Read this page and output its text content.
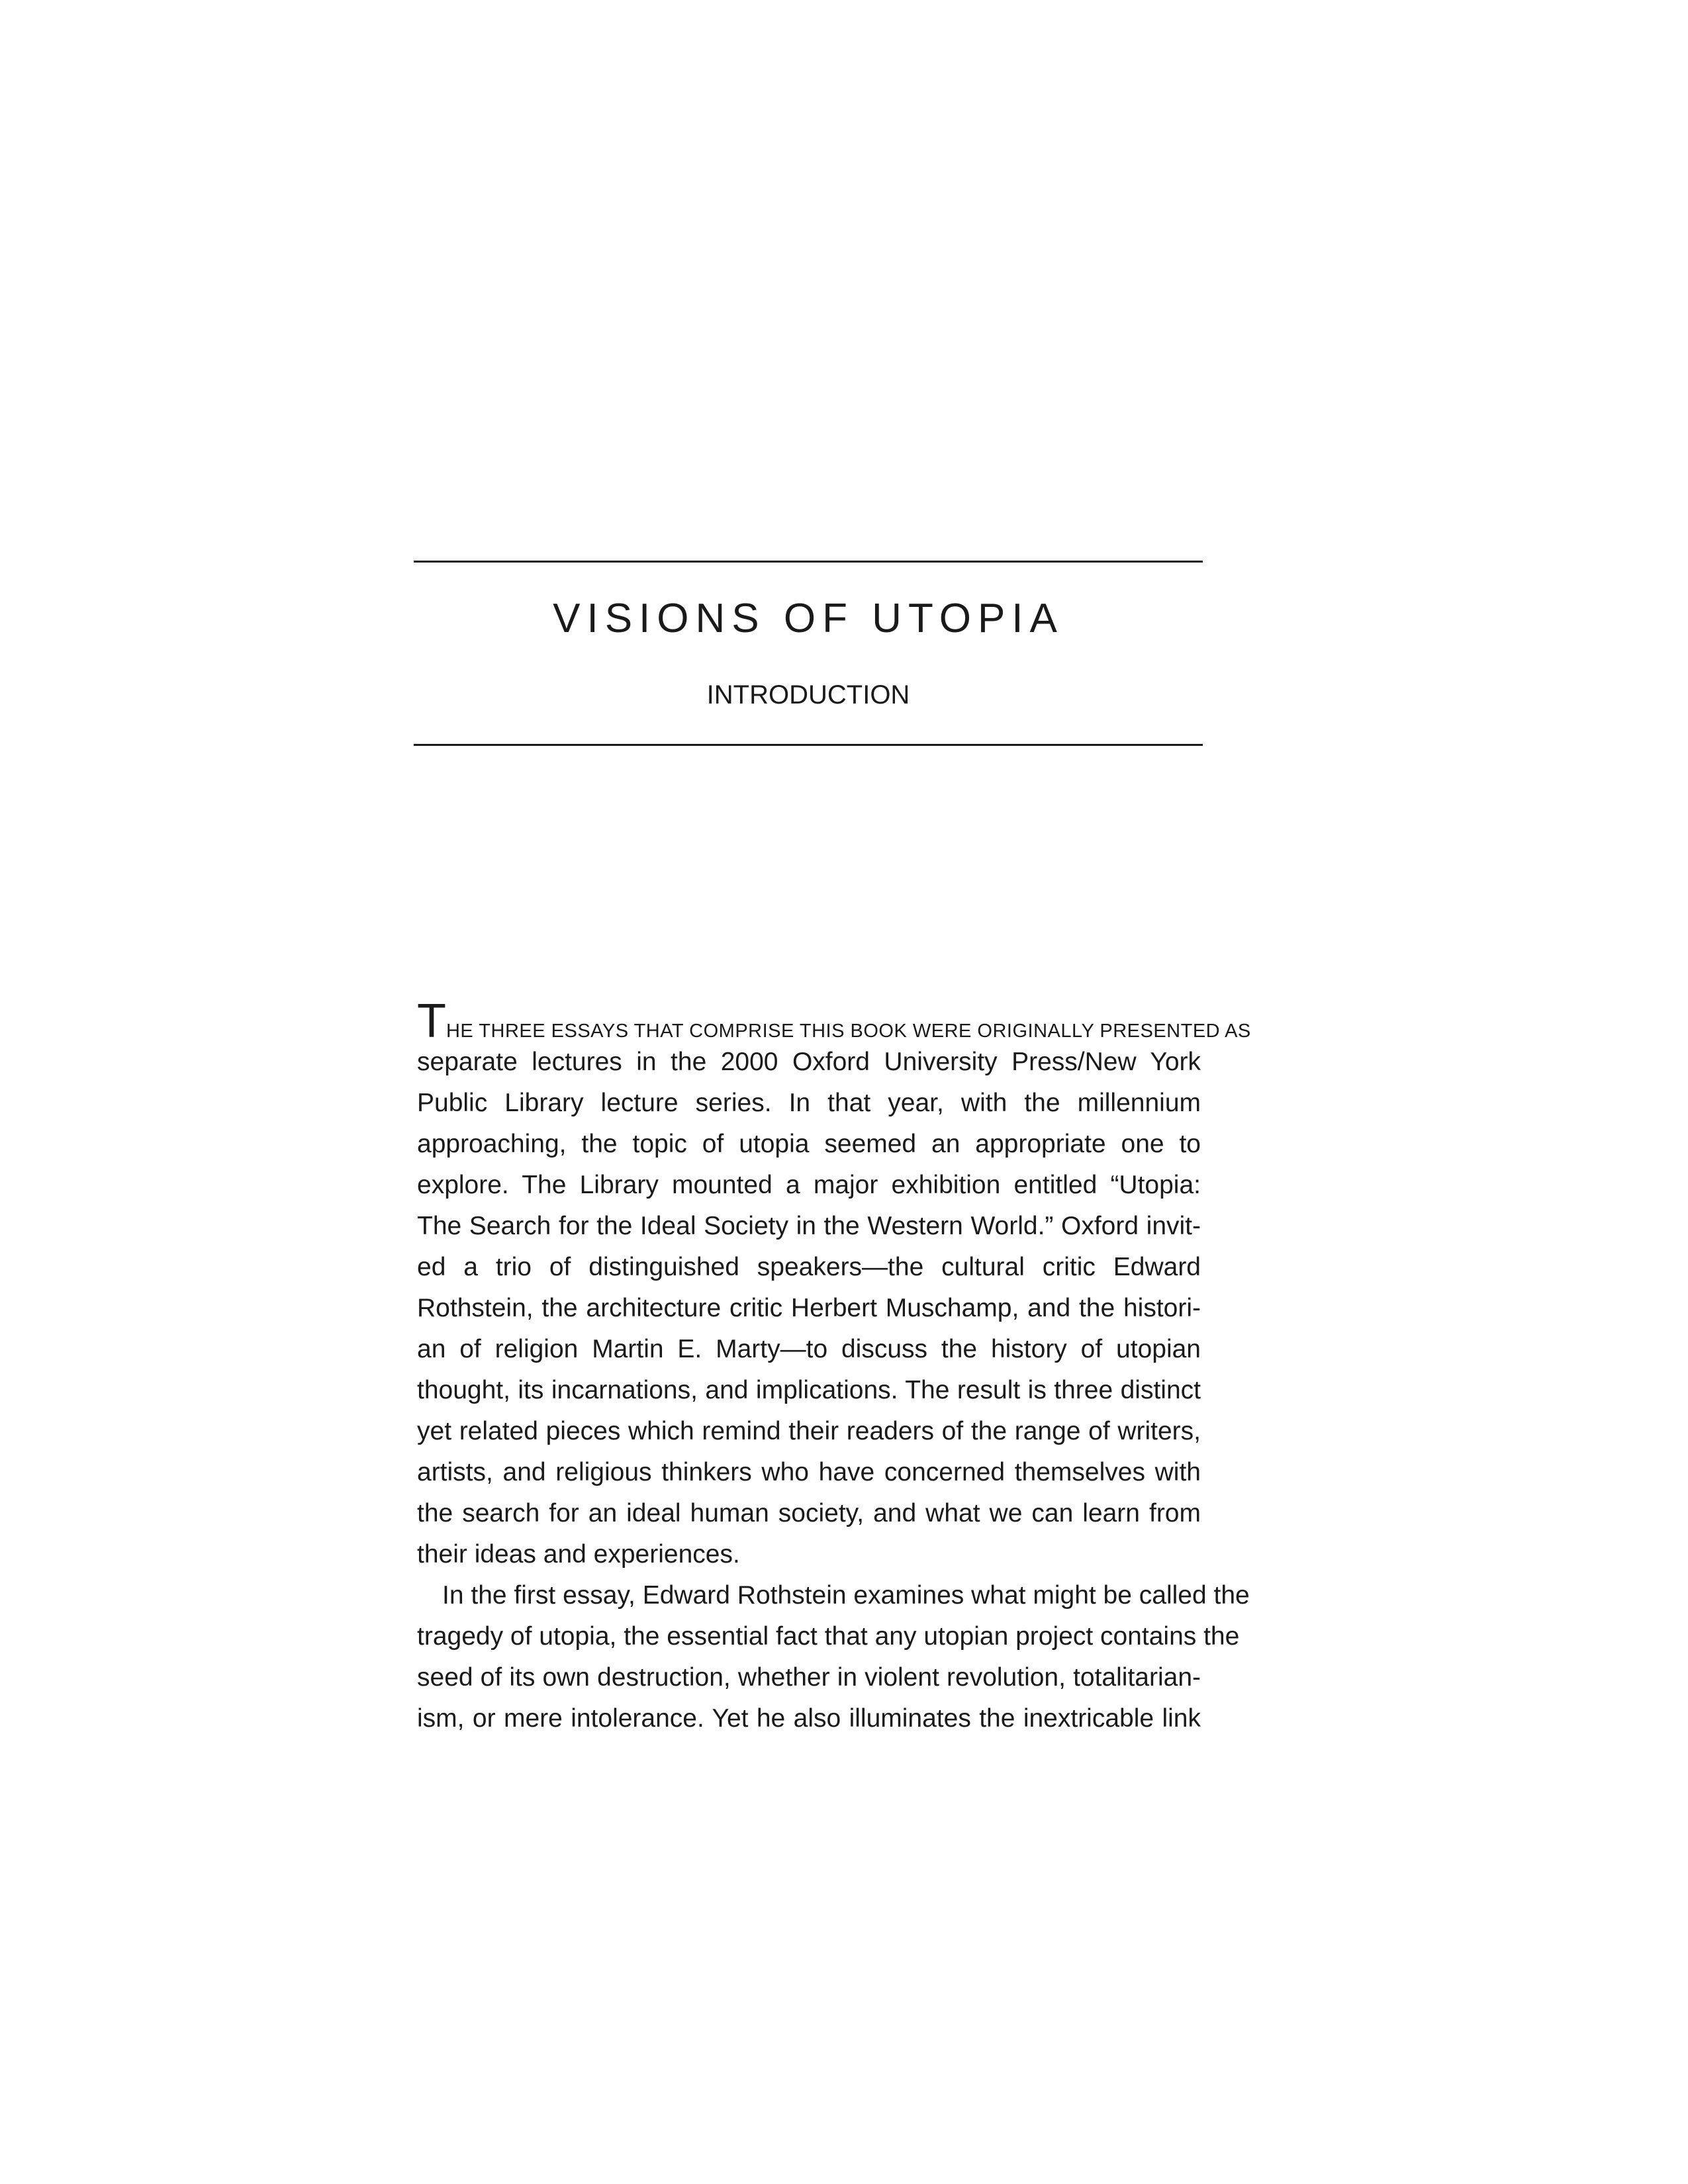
VISIONS OF UTOPIA
INTRODUCTION
THE THREE ESSAYS THAT COMPRISE THIS BOOK WERE ORIGINALLY PRESENTED AS
separate lectures in the 2000 Oxford University Press/New York
Public Library lecture series. In that year, with the millennium
approaching, the topic of utopia seemed an appropriate one to
explore. The Library mounted a major exhibition entitled “Utopia:
The Search for the Ideal Society in the Western World.” Oxford invit-
ed a trio of distinguished speakers—the cultural critic Edward
Rothstein, the architecture critic Herbert Muschamp, and the histori-
an of religion Martin E. Marty—to discuss the history of utopian
thought, its incarnations, and implications. The result is three distinct
yet related pieces which remind their readers of the range of writers,
artists, and religious thinkers who have concerned themselves with
the search for an ideal human society, and what we can learn from
their ideas and experiences.
In the first essay, Edward Rothstein examines what might be called the
tragedy of utopia, the essential fact that any utopian project contains the
seed of its own destruction, whether in violent revolution, totalitarian-
ism, or mere intolerance. Yet he also illuminates the inextricable link
